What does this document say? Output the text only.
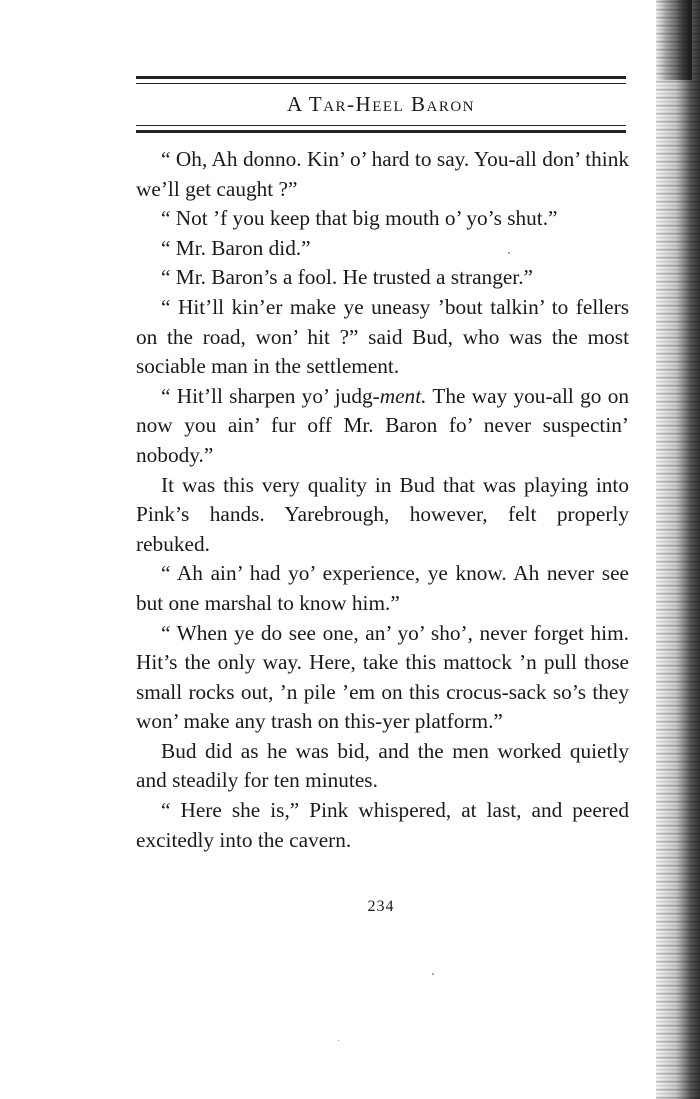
A TAR-HEEL BARON

“ Oh, Ah donno. Kin’ o’ hard to say. You-all don’ think we’ll get caught ?”

“ Not ’f you keep that big mouth o’ yo’s shut.”

“ Mr. Baron did.”

“ Mr. Baron’s a fool. He trusted a stranger.”

“ Hit’ll kin’er make ye uneasy ’bout talkin’ to fellers on the road, won’ hit ?” said Bud, who was the most sociable man in the settlement.

“ Hit’ll sharpen yo’ judg-ment. The way you-all go on now you ain’ fur off Mr. Baron fo’ never suspectin’ nobody.”

It was this very quality in Bud that was playing into Pink’s hands. Yarebrough, however, felt properly rebuked.

“ Ah ain’ had yo’ experience, ye know. Ah never see but one marshal to know him.”

“ When ye do see one, an’ yo’ sho’, never forget him. Hit’s the only way. Here, take this mattock ’n pull those small rocks out, ’n pile ’em on this crocus-sack so’s they won’ make any trash on this-yer platform.”

Bud did as he was bid, and the men worked quietly and steadily for ten minutes.

“ Here she is,” Pink whispered, at last, and peered excitedly into the cavern.

234
